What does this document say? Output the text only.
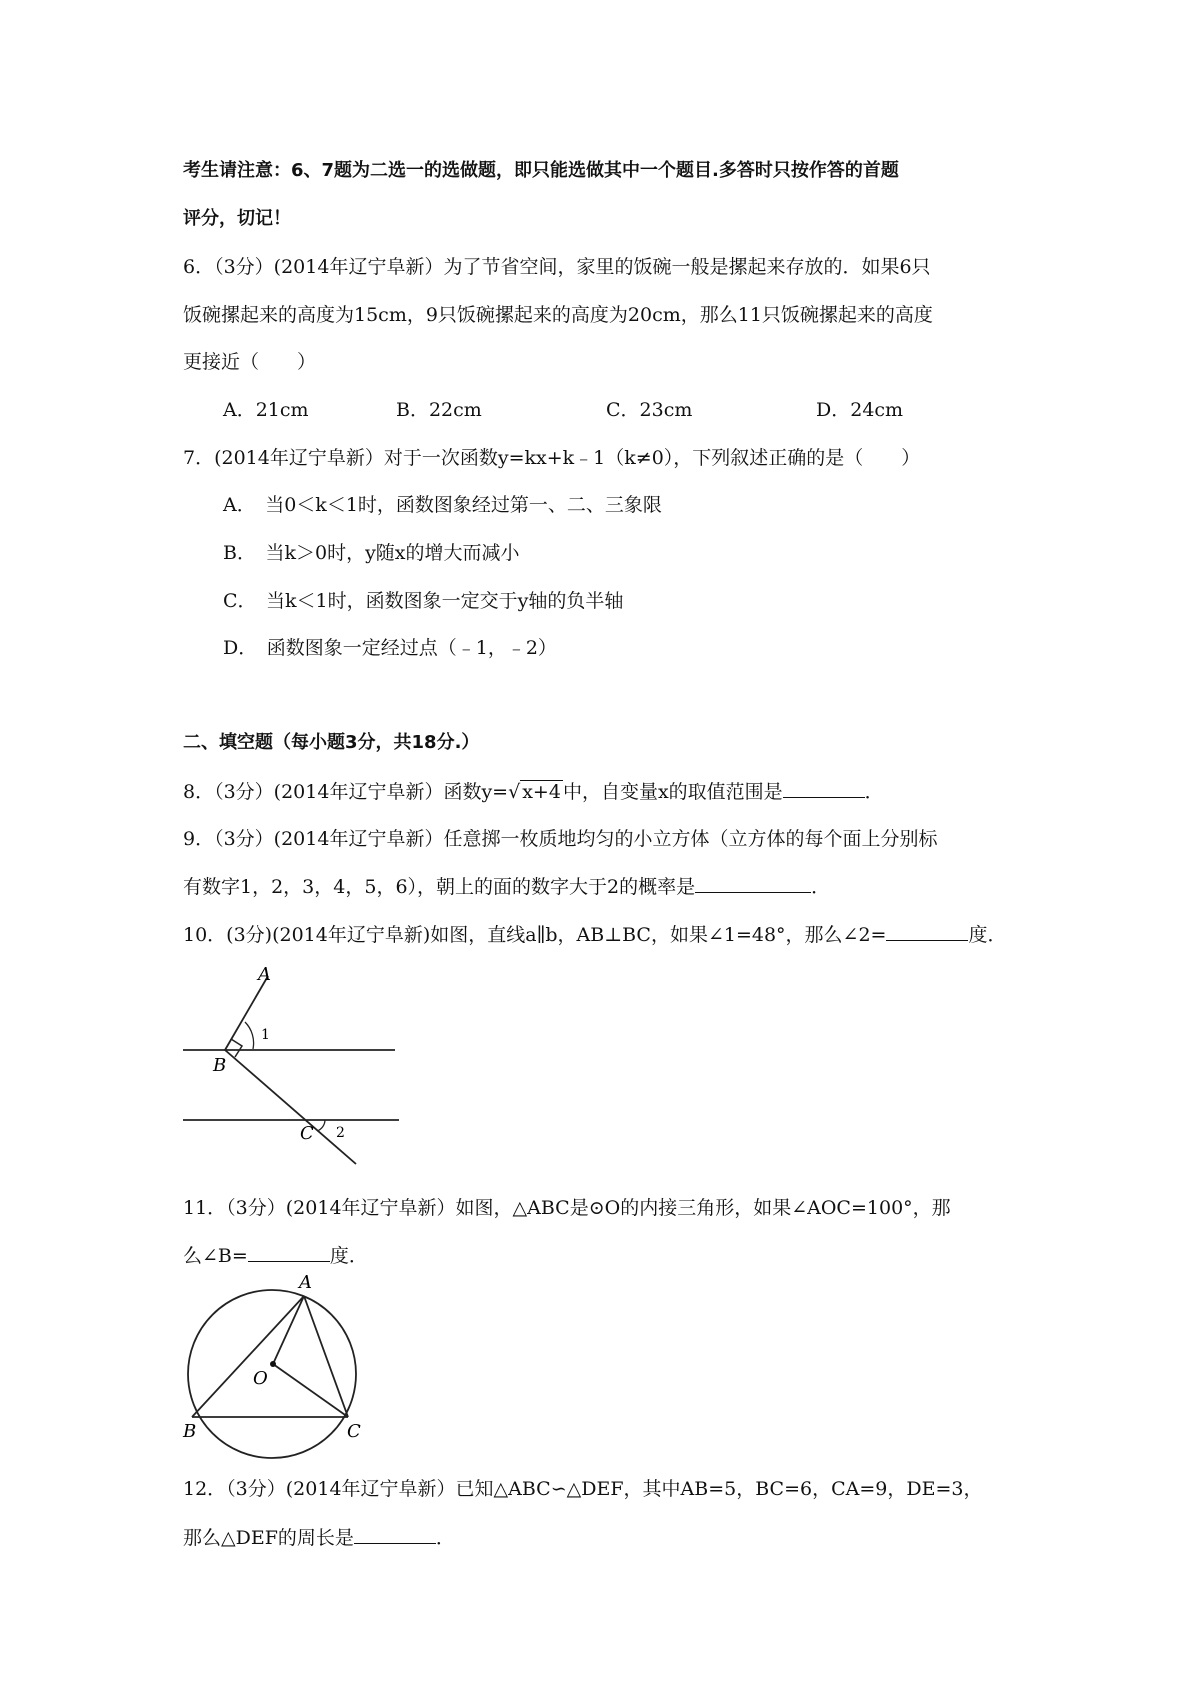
考生请注意：6、7题为二选一的选做题，即只能选做其中一个题目.多答时只按作答的首题
评分，切记！
6．（3分）(2014年辽宁阜新）为了节省空间，家里的饭碗一般是摞起来存放的．如果6只
饭碗摞起来的高度为15cm，9只饭碗摞起来的高度为20cm，那么11只饭碗摞起来的高度
更接近（　　）
A．21cm	B．22cm	C．23cm	D．24cm
7．(2014年辽宁阜新）对于一次函数y=kx+k﹣1（k≠0），下列叙述正确的是（　　）
A．　当0＜k＜1时，函数图象经过第一、二、三象限
B．　当k＞0时，y随x的增大而减小
C．　当k＜1时，函数图象一定交于y轴的负半轴
D．　函数图象一定经过点（﹣1，﹣2）
二、填空题（每小题3分，共18分.）
8．（3分）(2014年辽宁阜新）函数y=√ x+4 中，自变量x的取值范围是	．
9．（3分）(2014年辽宁阜新）任意掷一枚质地均匀的小立方体（立方体的每个面上分别标
有数字1，2，3，4，5，6），朝上的面的数字大于2的概率是	．
10．(3分)(2014年辽宁阜新)如图，直线a∥b，AB⊥BC，如果∠1=48°，那么∠2=	度．
A
1
B
C 2
11．（3分）(2014年辽宁阜新）如图，△ABC是⊙O的内接三角形，如果∠AOC=100°，那
么∠B=	度．
A
O
B	C
12．（3分）(2014年辽宁阜新）已知△ABC∽△DEF，其中AB=5，BC=6，CA=9，DE=3，
那么△DEF的周长是	．
